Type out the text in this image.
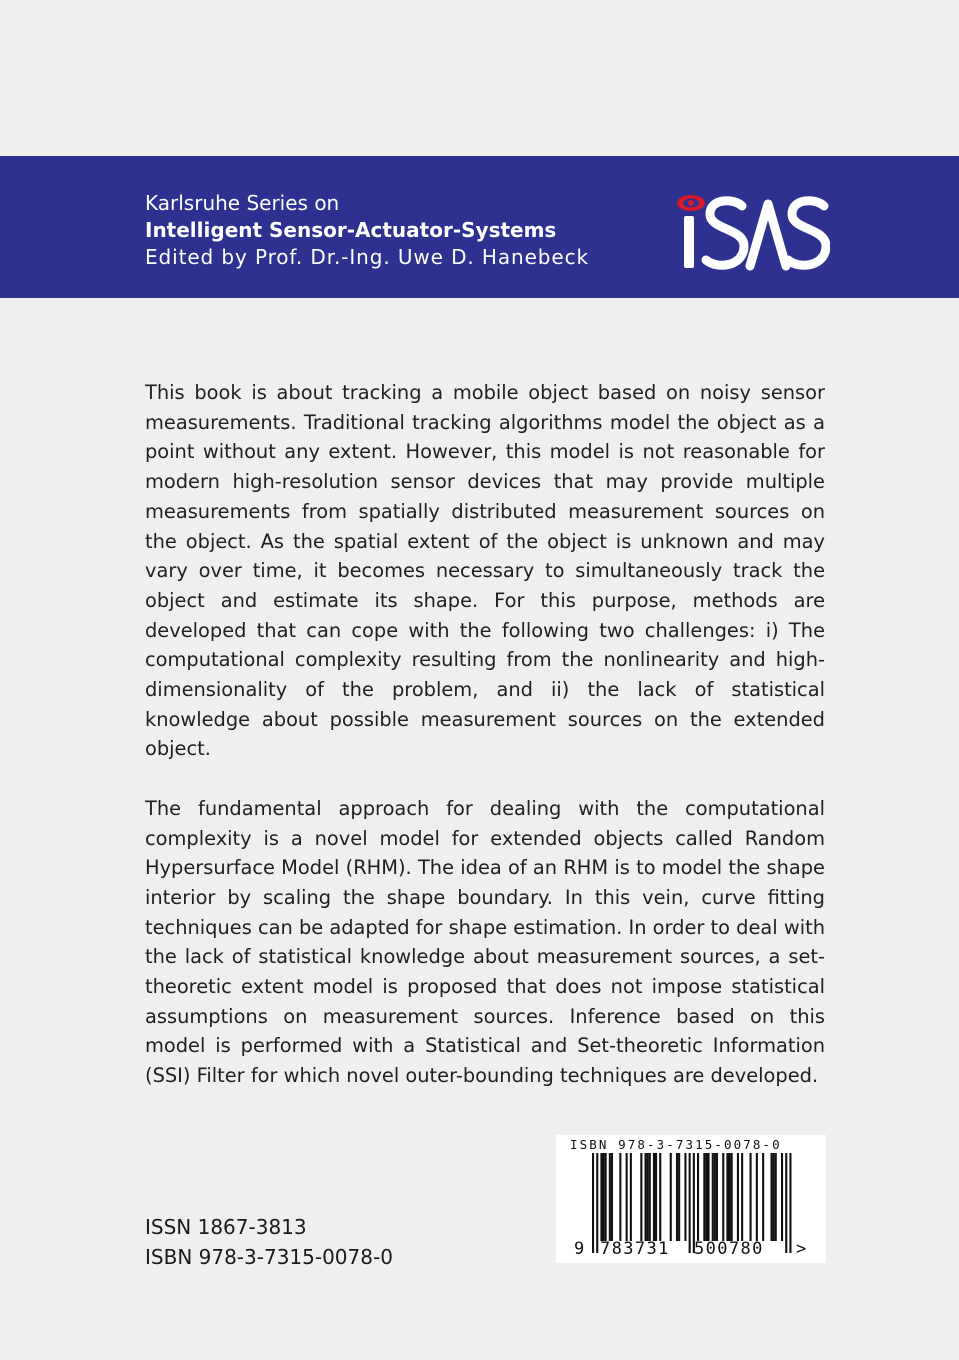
Karlsruhe Series on
Intelligent Sensor-Actuator-Systems
Edited by Prof. Dr.-Ing. Uwe D. Hanebeck

This book is about tracking a mobile object based on noisy sensor measurements. Traditional tracking algorithms model the object as a point without any extent. However, this model is not reasonable for modern high-resolution sensor devices that may provide multiple measurements from spatially distributed measurement sources on the object. As the spatial extent of the object is unknown and may vary over time, it becomes necessary to simultaneously track the object and estimate its shape. For this purpose, methods are developed that can cope with the following two challenges: i) The computational complexity resulting from the nonlinearity and high-dimensionality of the problem, and ii) the lack of statistical knowledge about possible measurement sources on the extended object.

The fundamental approach for dealing with the computational complexity is a novel model for extended objects called Random Hypersurface Model (RHM). The idea of an RHM is to model the shape interior by scaling the shape boundary. In this vein, curve fitting techniques can be adapted for shape estimation. In order to deal with the lack of statistical knowledge about measurement sources, a set-theoretic extent model is proposed that does not impose statistical assumptions on measurement sources. Inference based on this model is performed with a Statistical and Set-theoretic Information (SSI) Filter for which novel outer-bounding techniques are developed.

ISSN 1867-3813
ISBN 978-3-7315-0078-0
ISBN 978-3-7315-0078-0
9 783731 500780 >
